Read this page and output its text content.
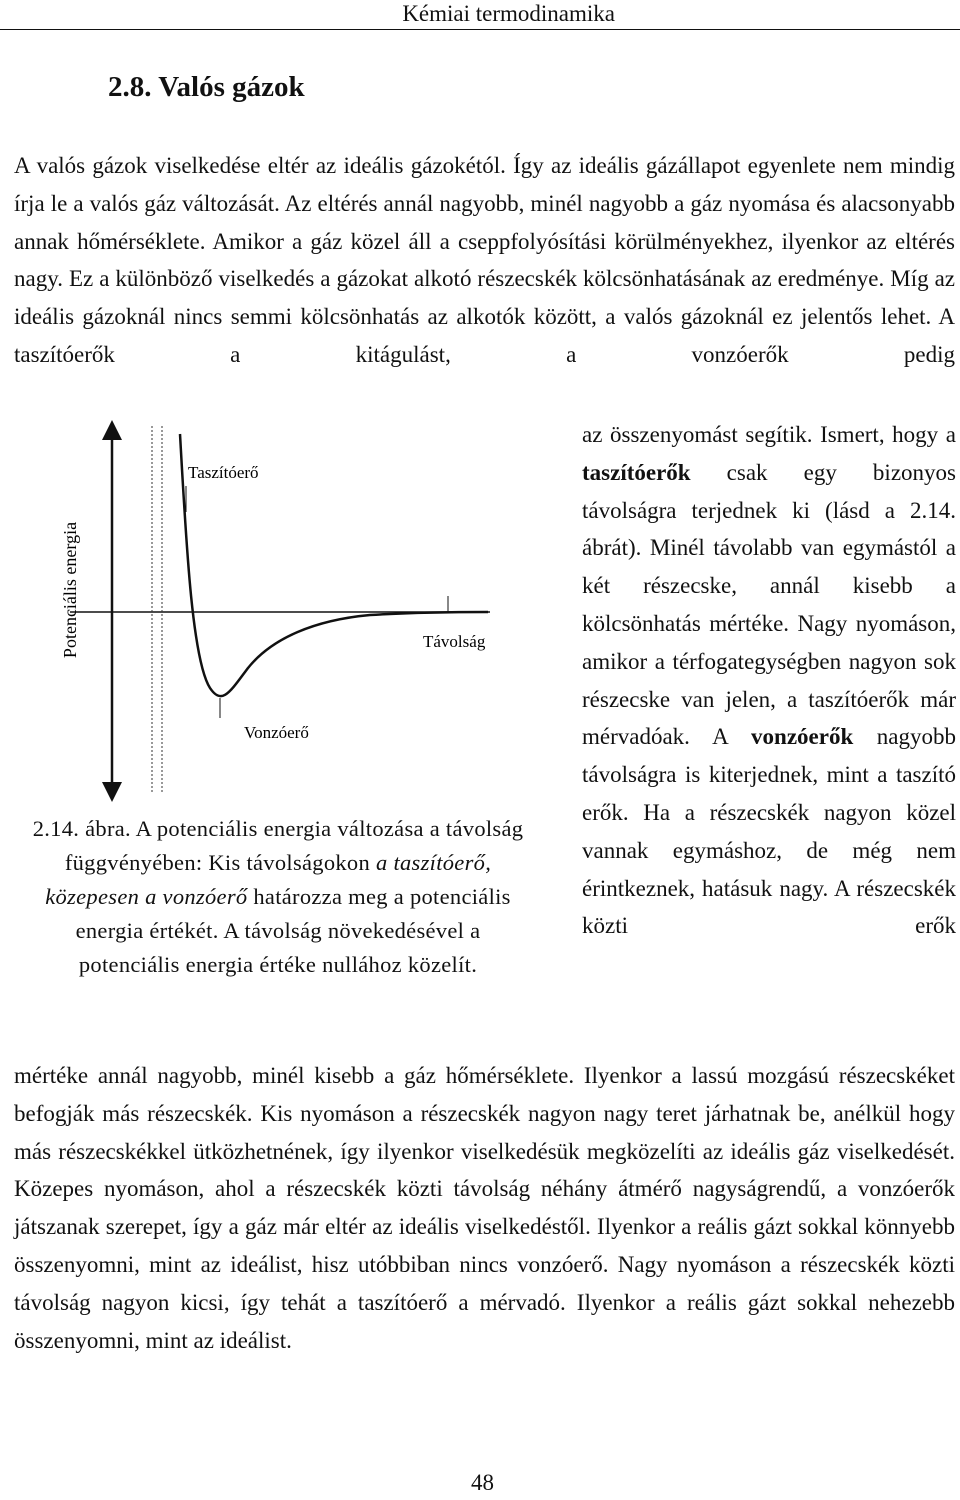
Kémiai termodinamika
2.8. Valós gázok
A valós gázok viselkedése eltér az ideális gázokétól. Így az ideális gázállapot egyenlete nem mindig írja le a valós gáz változását. Az eltérés annál nagyobb, minél nagyobb a gáz nyomása és alacsonyabb annak hőmérséklete. Amikor a gáz közel áll a cseppfolyósítási körülményekhez, ilyenkor az eltérés nagy. Ez a különböző viselkedés a gázokat alkotó részecskék kölcsönhatásának az eredménye. Míg az ideális gázoknál nincs semmi kölcsönhatás az alkotók között, a valós gázoknál ez jelentős lehet. A taszítóerők a kitágulást, a vonzóerők pedig
az összenyomást segítik. Ismert, hogy a taszítóerők csak egy bizonyos távolságra terjednek ki (lásd a 2.14. ábrát). Minél távolabb van egymástól a két részecske, annál kisebb a kölcsönhatás mértéke. Nagy nyomáson, amikor a térfogategységben nagyon sok részecske van jelen, a taszítóerők már mérvadóak. A vonzóerők nagyobb távolságra is kiterjednek, mint a taszító erők. Ha a részecskék nagyon közel vannak egymáshoz, de még nem érintkeznek, hatásuk nagy. A részecskék közti erők
Taszítóerő
Vonzóerő
Távolság
Potenciális energia
2.14. ábra. A potenciális energia változása a távolság függvényében: Kis távolságokon a taszítóerő, közepesen a vonzóerő határozza meg a potenciális energia értékét. A távolság növekedésével a potenciális energia értéke nullához közelít.
mértéke annál nagyobb, minél kisebb a gáz hőmérséklete. Ilyenkor a lassú mozgású részecskéket befogják más részecskék. Kis nyomáson a részecskék nagyon nagy teret járhatnak be, anélkül hogy más részecskékkel ütközhetnének, így ilyenkor viselkedésük megközelíti az ideális gáz viselkedését. Közepes nyomáson, ahol a részecskék közti távolság néhány átmérő nagyságrendű, a vonzóerők játszanak szerepet, így a gáz már eltér az ideális viselkedéstől. Ilyenkor a reális gázt sokkal könnyebb összenyomni, mint az ideálist, hisz utóbbiban nincs vonzóerő. Nagy nyomáson a részecskék közti távolság nagyon kicsi, így tehát a taszítóerő a mérvadó. Ilyenkor a reális gázt sokkal nehezebb összenyomni, mint az ideálist.
48
